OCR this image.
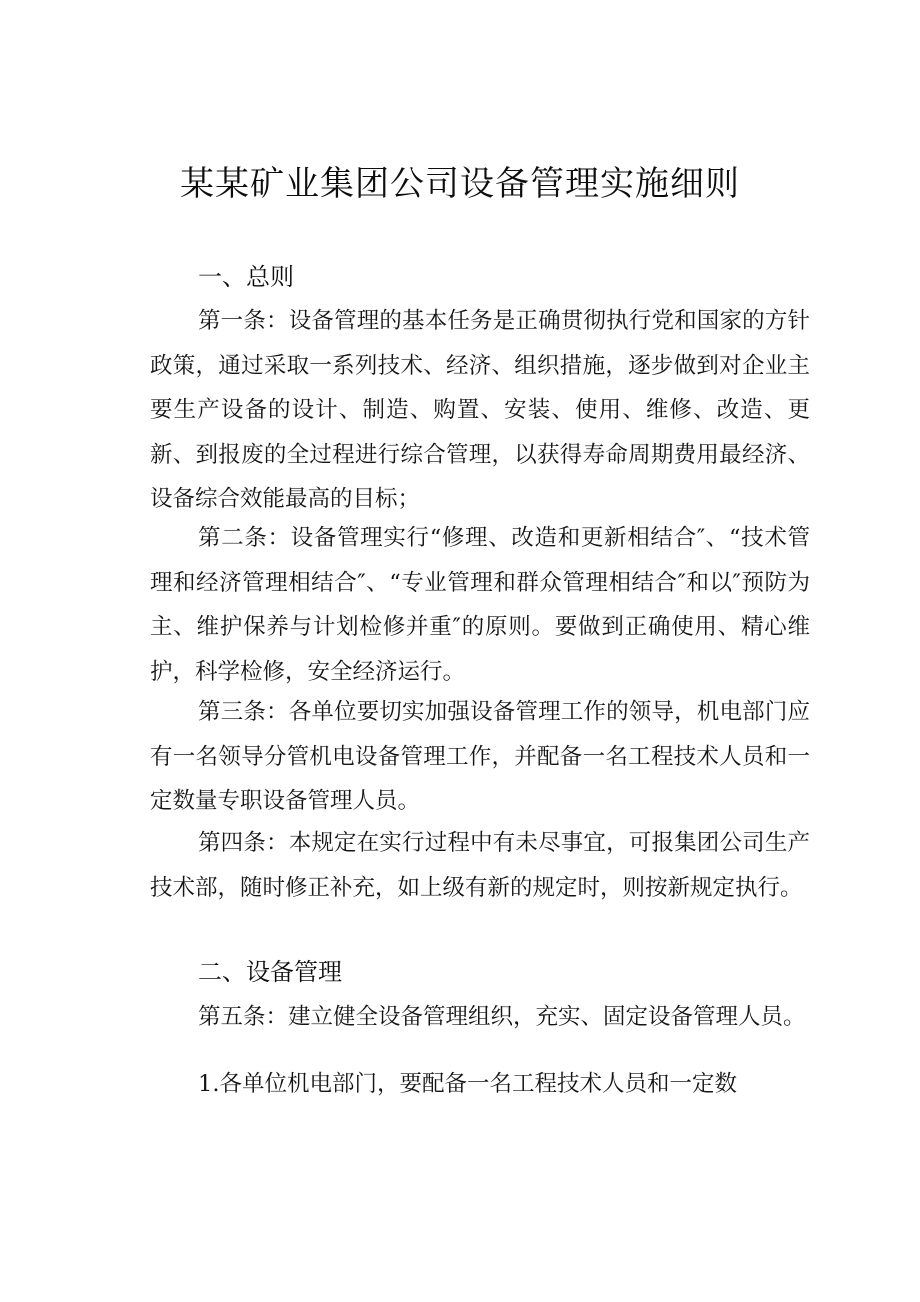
某某矿业集团公司设备管理实施细则
一、总则
第一条：设备管理的基本任务是正确贯彻执行党和国家的方针政策，通过采取一系列技术、经济、组织措施，逐步做到对企业主要生产设备的设计、制造、购置、安装、使用、维修、改造、更新、到报废的全过程进行综合管理，以获得寿命周期费用最经济、设备综合效能最高的目标；
第二条：设备管理实行“修理、改造和更新相结合″、“技术管理和经济管理相结合″、“专业管理和群众管理相结合″和以″预防为主、维护保养与计划检修并重″的原则。要做到正确使用、精心维护，科学检修，安全经济运行。
第三条：各单位要切实加强设备管理工作的领导，机电部门应有一名领导分管机电设备管理工作，并配备一名工程技术人员和一定数量专职设备管理人员。
第四条：本规定在实行过程中有未尽事宜，可报集团公司生产技术部，随时修正补充，如上级有新的规定时，则按新规定执行。
二、设备管理
第五条：建立健全设备管理组织，充实、固定设备管理人员。
1.各单位机电部门，要配备一名工程技术人员和一定数
